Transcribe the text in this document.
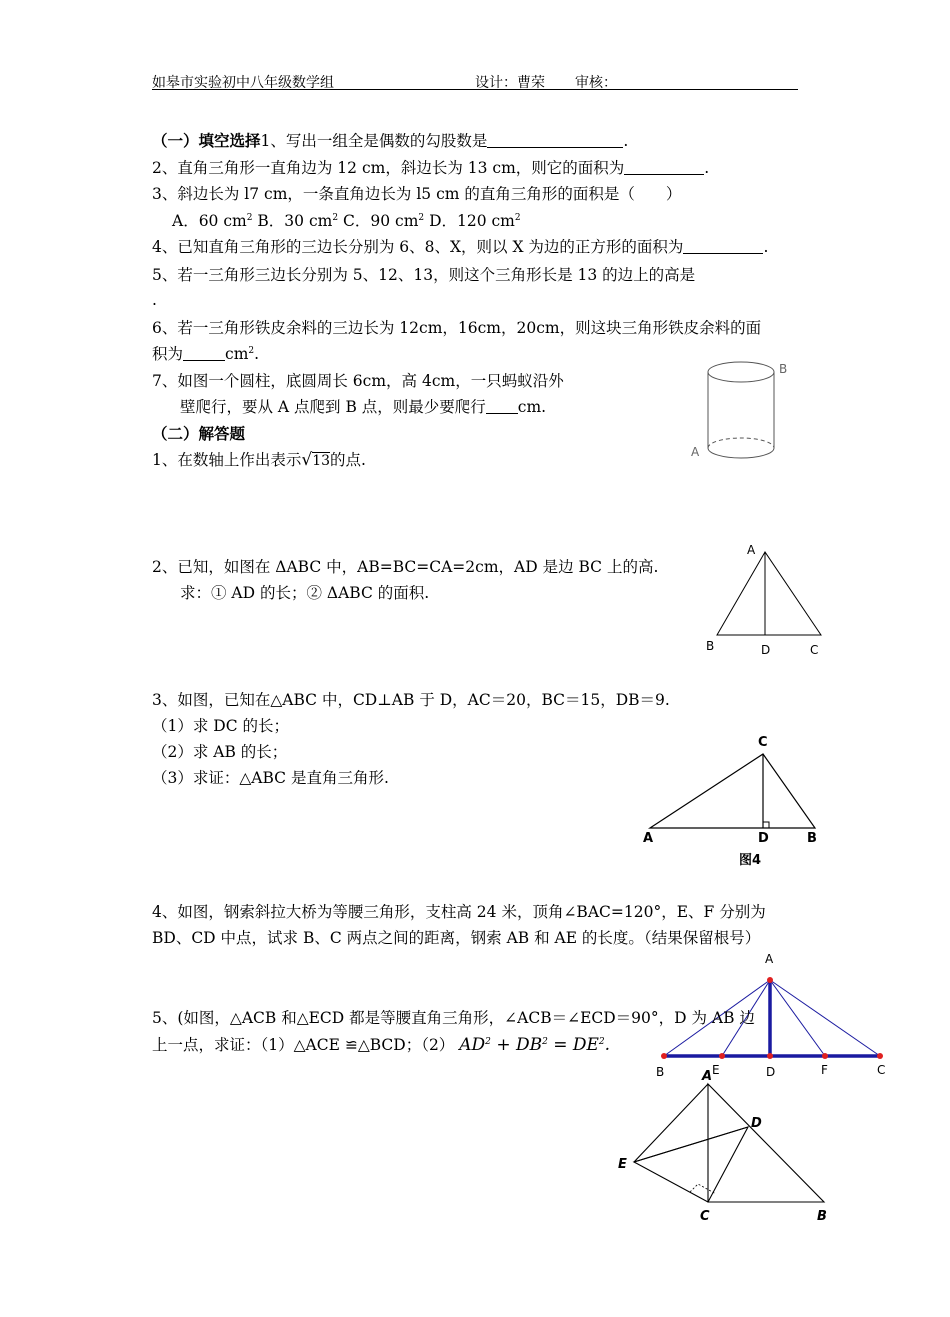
如皋市实验初中八年级数学组	设计：曹荣 审核：
（一）填空选择1、写出一组全是偶数的勾股数是	.
2、直角三角形一直角边为 12 cm，斜边长为 13 cm，则它的面积为	.
3、斜边长为 l7 cm，一条直角边长为 l5 cm 的直角三角形的面积是（　　）
A．60 $cm^2$ B．30 $cm^2$ C．90 $cm^2$ D．120 $cm^2$
4、已知直角三角形的三边长分别为 6、8、X，则以 X 为边的正方形的面积为	.
5、若一三角形三边长分别为 5、12、13，则这个三角形长是 13 的边上的高是
.
6、若一三角形铁皮余料的三边长为 12cm，16cm，20cm，则这块三角形铁皮余料的面
积为	$cm^2$.
7、如图一个圆柱，底圆周长 6cm，高 4cm，一只蚂蚁沿外
壁爬行，要从 A 点爬到 B 点，则最少要爬行 cm.
B
A
（二）解答题
1、在数轴上作出表示√13的点.
2、已知，如图在 ΔABC 中，AB=BC=CA=2cm，AD 是边 BC 上的高.
求：① AD 的长；② ΔABC 的面积.
A
B	D	C
3、如图，已知在△ABC 中，CD⊥AB 于 D，AC＝20，BC＝15，DB＝9.
（1）求 DC 的长；
（2）求 AB 的长；
（3）求证：△ABC 是直角三角形.
C
A	D	B
图4
4、如图，钢索斜拉大桥为等腰三角形，支柱高 24 米，顶角∠BAC=120°，E、F 分别为
BD、CD 中点，试求 B、C 两点之间的距离，钢索 AB 和 AE 的长度。（结果保留根号）
A
B	E	D	F	C
5、(如图，△ACB 和△ECD 都是等腰直角三角形，∠ACB＝∠ECD＝90°，D 为 AB 边
上一点，求证：（1）△ACE ≌△BCD；（2） $AD^2 + DB^2 = DE^2$.
A
D
E
C	B
